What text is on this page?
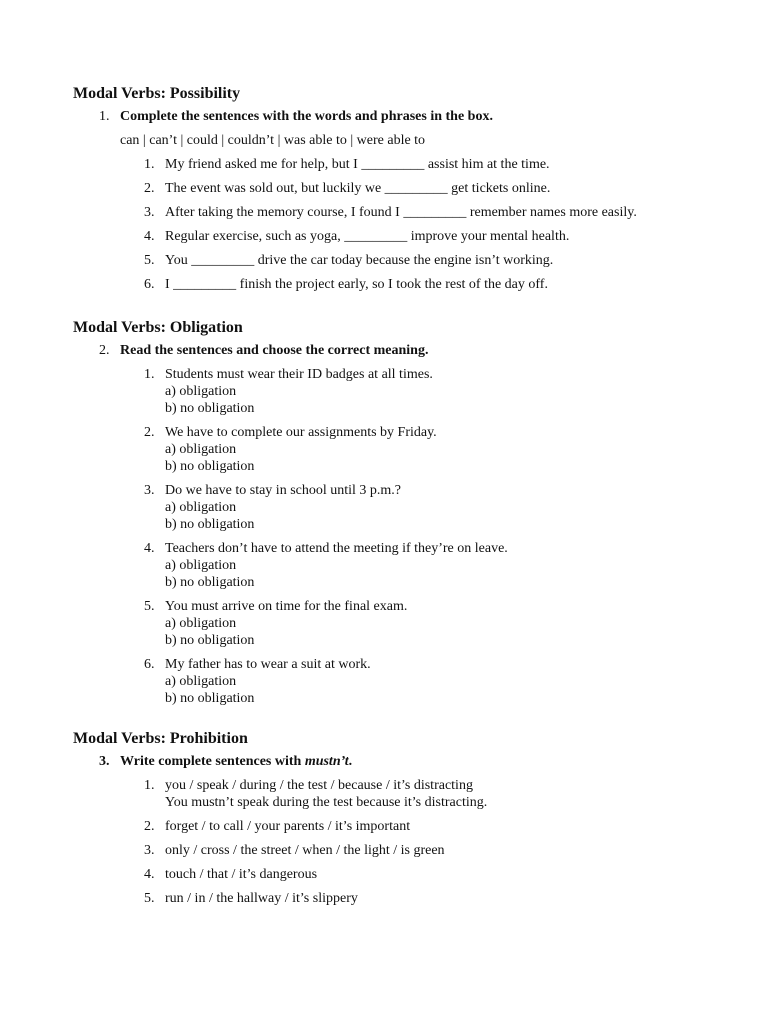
Modal Verbs: Possibility
1. Complete the sentences with the words and phrases in the box.
can | can’t | could | couldn’t | was able to | were able to
1. My friend asked me for help, but I _________ assist him at the time.
2. The event was sold out, but luckily we _________ get tickets online.
3. After taking the memory course, I found I _________ remember names more easily.
4. Regular exercise, such as yoga, _________ improve your mental health.
5. You _________ drive the car today because the engine isn’t working.
6. I _________ finish the project early, so I took the rest of the day off.
Modal Verbs: Obligation
2. Read the sentences and choose the correct meaning.
1. Students must wear their ID badges at all times.
a) obligation
b) no obligation
2. We have to complete our assignments by Friday.
a) obligation
b) no obligation
3. Do we have to stay in school until 3 p.m.?
a) obligation
b) no obligation
4. Teachers don’t have to attend the meeting if they’re on leave.
a) obligation
b) no obligation
5. You must arrive on time for the final exam.
a) obligation
b) no obligation
6. My father has to wear a suit at work.
a) obligation
b) no obligation
Modal Verbs: Prohibition
3. Write complete sentences with mustn’t.
1. you / speak / during / the test / because / it’s distracting
You mustn’t speak during the test because it’s distracting.
2. forget / to call / your parents / it’s important
3. only / cross / the street / when / the light / is green
4. touch / that / it’s dangerous
5. run / in / the hallway / it’s slippery
